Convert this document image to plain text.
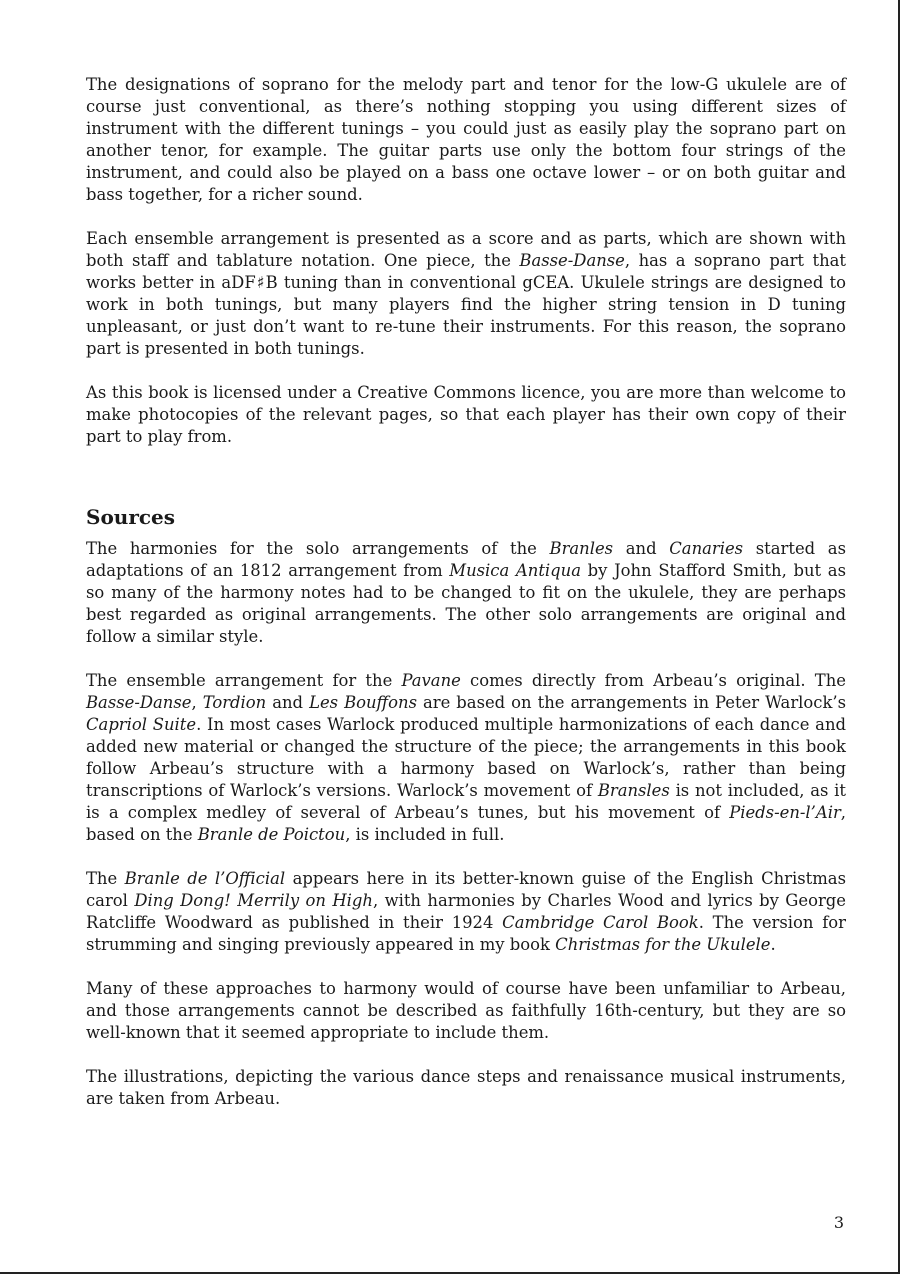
The designations of soprano for the melody part and tenor for the low-G ukulele are of course just conventional, as there’s nothing stopping you using different sizes of instrument with the different tunings – you could just as easily play the soprano part on another tenor, for example. The guitar parts use only the bottom four strings of the instrument, and could also be played on a bass one octave lower – or on both guitar and bass together, for a richer sound.

Each ensemble arrangement is presented as a score and as parts, which are shown with both staff and tablature notation. One piece, the Basse-Danse, has a soprano part that works better in aDF♯B tuning than in conventional gCEA. Ukulele strings are designed to work in both tunings, but many players find the higher string tension in D tuning unpleasant, or just don’t want to re-tune their instruments. For this reason, the soprano part is presented in both tunings.

As this book is licensed under a Creative Commons licence, you are more than welcome to make photocopies of the relevant pages, so that each player has their own copy of their part to play from.

Sources

The harmonies for the solo arrangements of the Branles and Canaries started as adaptations of an 1812 arrangement from Musica Antiqua by John Stafford Smith, but as so many of the harmony notes had to be changed to fit on the ukulele, they are perhaps best regarded as original arrangements. The other solo arrangements are original and follow a similar style.

The ensemble arrangement for the Pavane comes directly from Arbeau’s original. The Basse-Danse, Tordion and Les Bouffons are based on the arrangements in Peter Warlock’s Capriol Suite. In most cases Warlock produced multiple harmonizations of each dance and added new material or changed the structure of the piece; the arrangements in this book follow Arbeau’s structure with a harmony based on Warlock’s, rather than being transcriptions of Warlock’s versions. Warlock’s movement of Bransles is not included, as it is a complex medley of several of Arbeau’s tunes, but his movement of Pieds-en-l’Air, based on the Branle de Poictou, is included in full.

The Branle de l’Official appears here in its better-known guise of the English Christmas carol Ding Dong! Merrily on High, with harmonies by Charles Wood and lyrics by George Ratcliffe Woodward as published in their 1924 Cambridge Carol Book. The version for strumming and singing previously appeared in my book Christmas for the Ukulele.

Many of these approaches to harmony would of course have been unfamiliar to Arbeau, and those arrangements cannot be described as faithfully 16th-century, but they are so well-known that it seemed appropriate to include them.

The illustrations, depicting the various dance steps and renaissance musical instruments, are taken from Arbeau.

3
